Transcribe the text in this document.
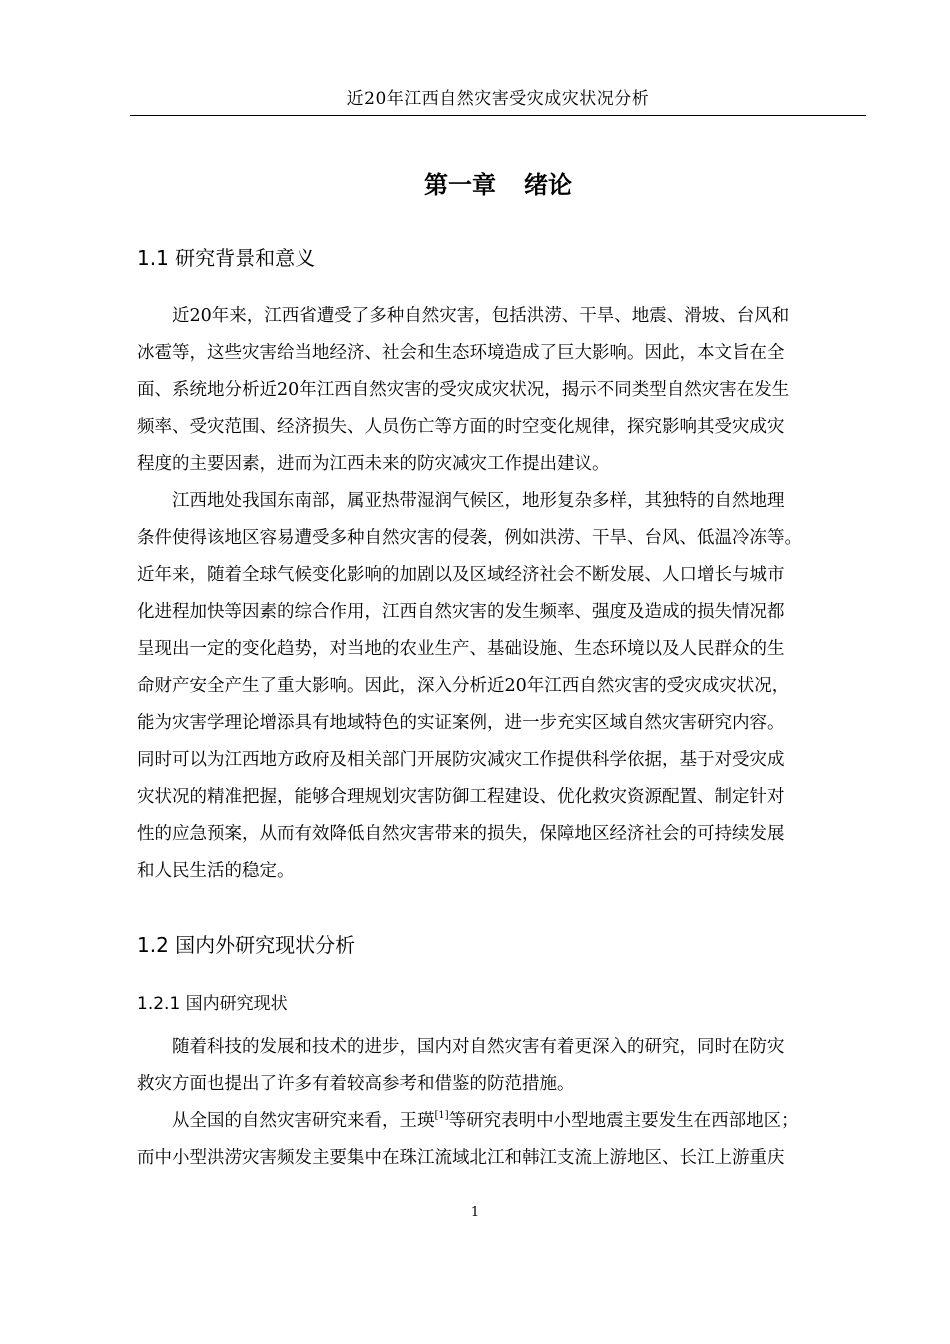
近20年江西自然灾害受灾成灾状况分析
第一章 绪论
1.1 研究背景和意义
近20年来，江西省遭受了多种自然灾害，包括洪涝、干旱、地震、滑坡、台风和
冰雹等，这些灾害给当地经济、社会和生态环境造成了巨大影响。因此，本文旨在全
面、系统地分析近20年江西自然灾害的受灾成灾状况，揭示不同类型自然灾害在发生
频率、受灾范围、经济损失、人员伤亡等方面的时空变化规律，探究影响其受灾成灾
程度的主要因素，进而为江西未来的防灾减灾工作提出建议。
江西地处我国东南部，属亚热带湿润气候区，地形复杂多样，其独特的自然地理
条件使得该地区容易遭受多种自然灾害的侵袭，例如洪涝、干旱、台风、低温冷冻等。
近年来，随着全球气候变化影响的加剧以及区域经济社会不断发展、人口增长与城市
化进程加快等因素的综合作用，江西自然灾害的发生频率、强度及造成的损失情况都
呈现出一定的变化趋势，对当地的农业生产、基础设施、生态环境以及人民群众的生
命财产安全产生了重大影响。因此，深入分析近20年江西自然灾害的受灾成灾状况，
能为灾害学理论增添具有地域特色的实证案例，进一步充实区域自然灾害研究内容。
同时可以为江西地方政府及相关部门开展防灾减灾工作提供科学依据，基于对受灾成
灾状况的精准把握，能够合理规划灾害防御工程建设、优化救灾资源配置、制定针对
性的应急预案，从而有效降低自然灾害带来的损失，保障地区经济社会的可持续发展
和人民生活的稳定。
1.2 国内外研究现状分析
1.2.1 国内研究现状
随着科技的发展和技术的进步，国内对自然灾害有着更深入的研究，同时在防灾
救灾方面也提出了许多有着较高参考和借鉴的防范措施。
从全国的自然灾害研究来看，王瑛[1]等研究表明中小型地震主要发生在西部地区；
而中小型洪涝灾害频发主要集中在珠江流域北江和韩江支流上游地区、长江上游重庆
1
